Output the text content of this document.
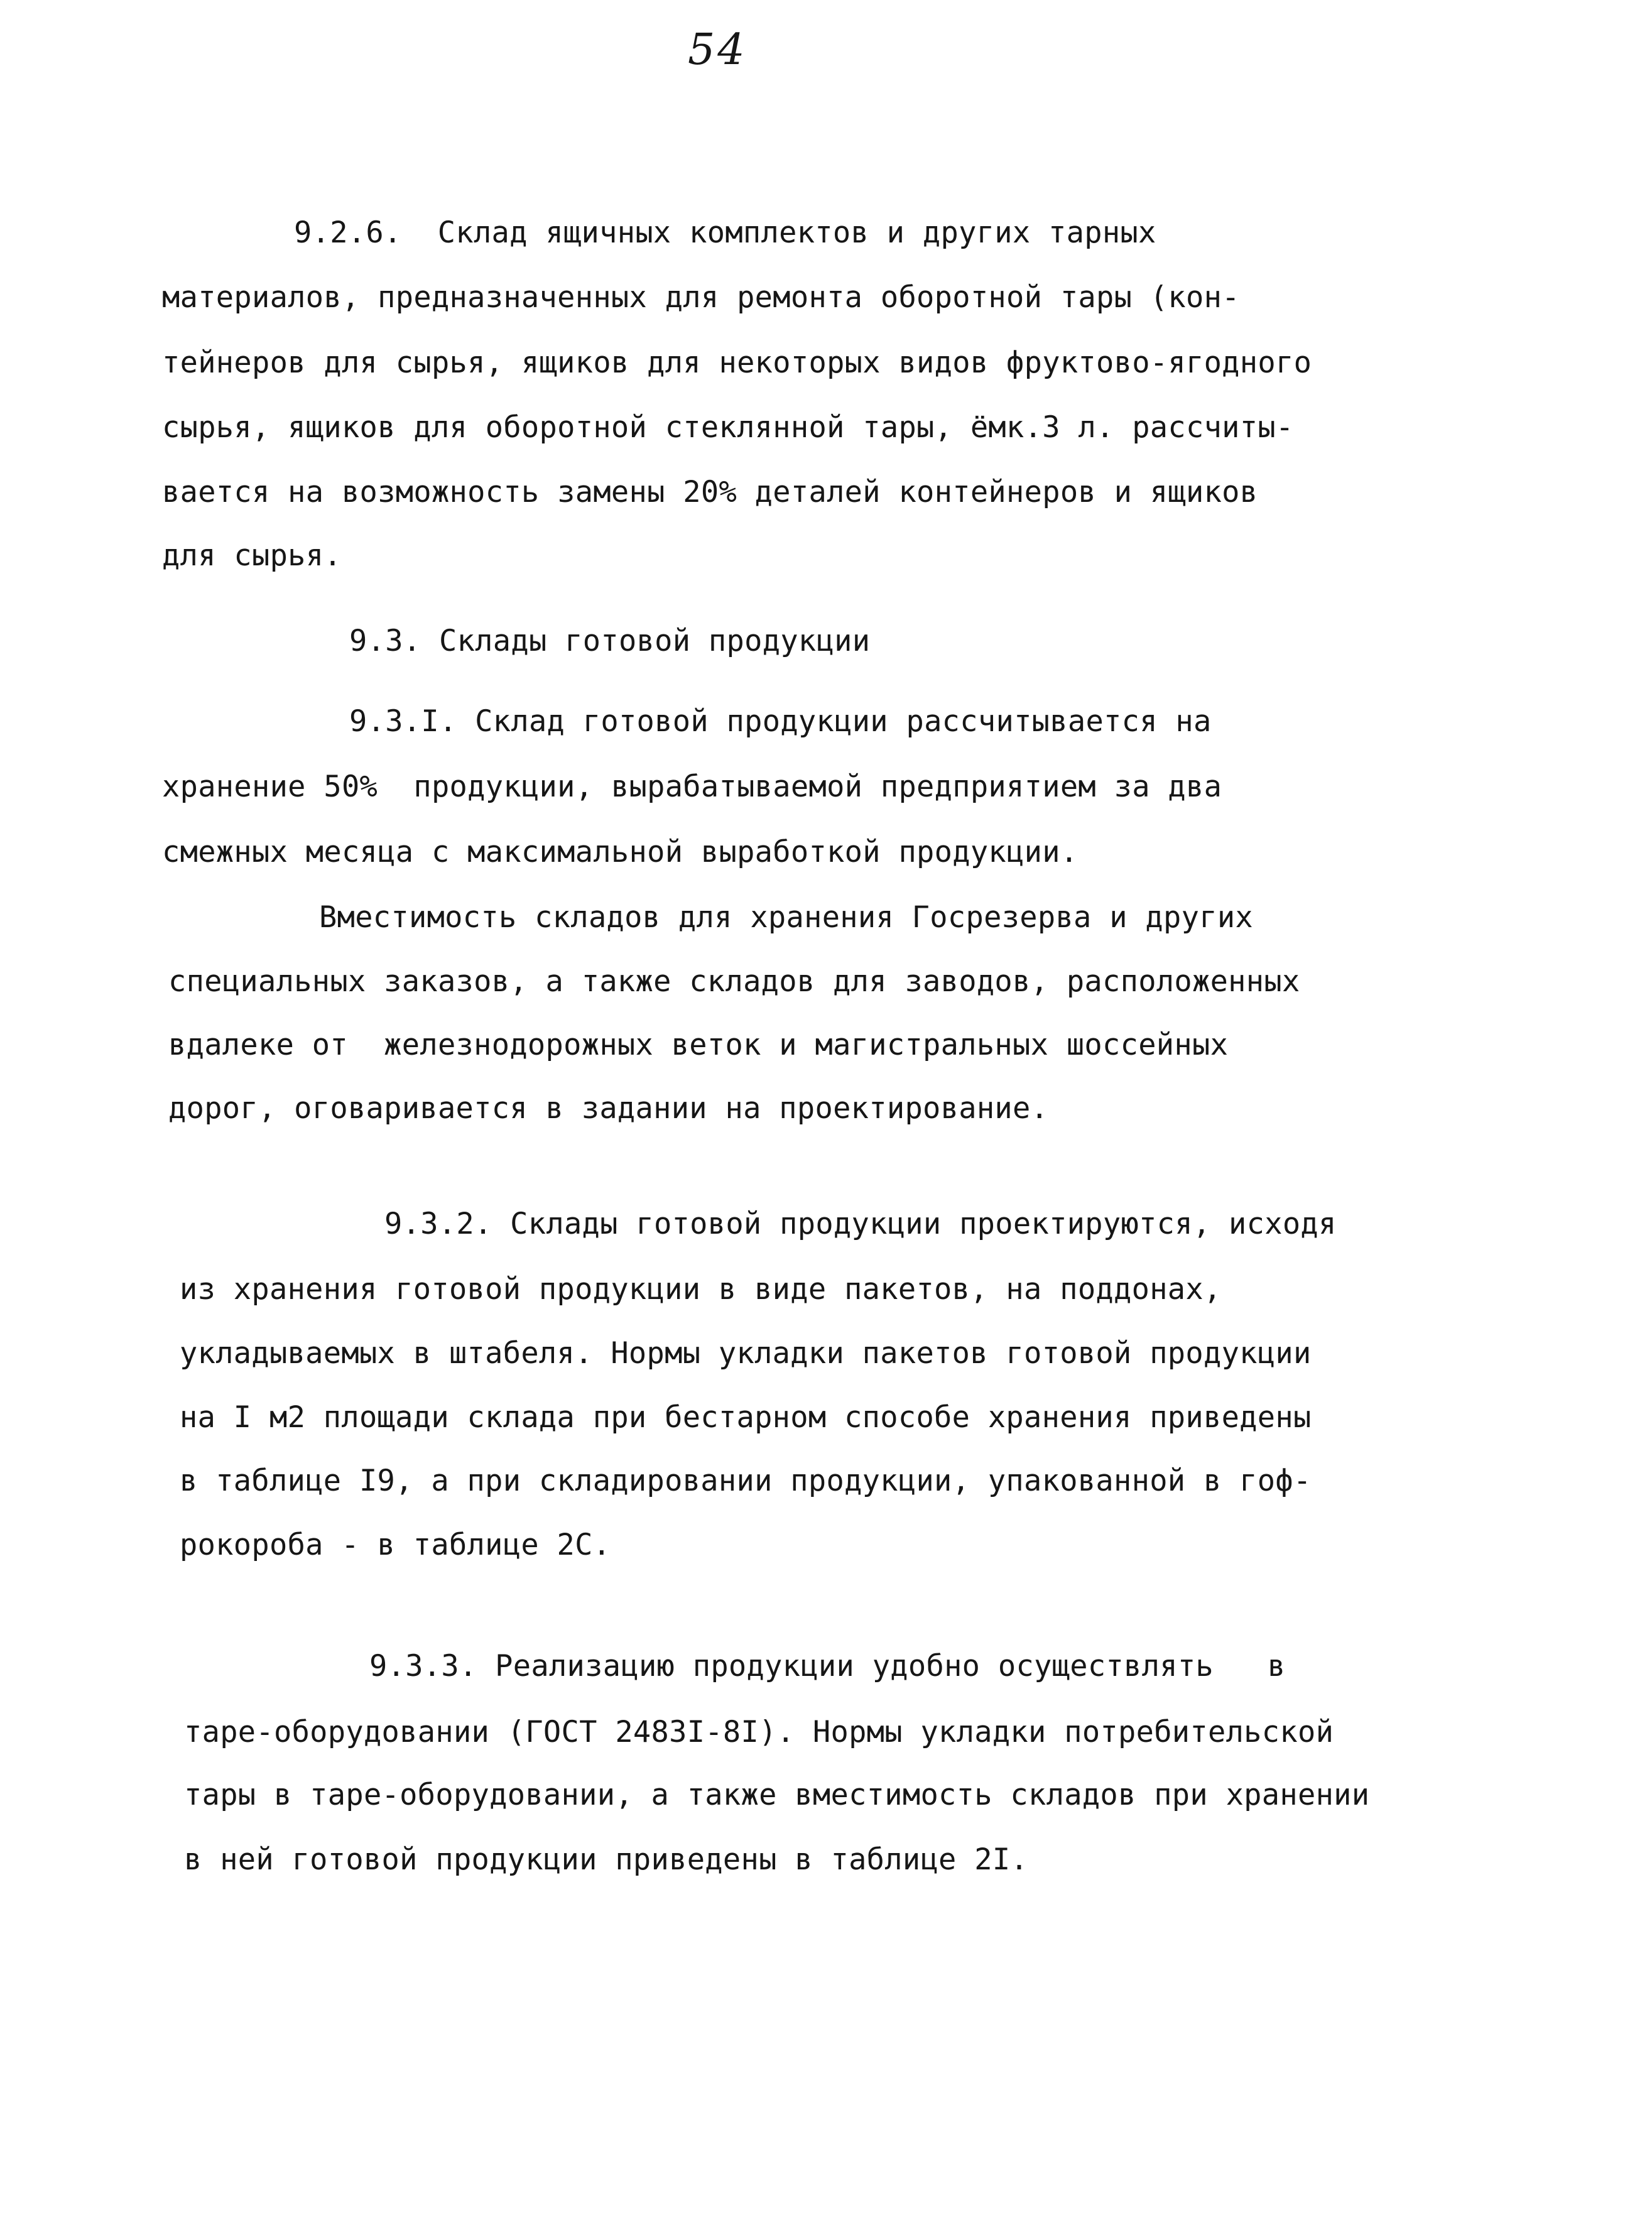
54

9.2.6.  Склад ящичных комплектов и других тарных

материалов, предназначенных для ремонта оборотной тары (кон-

тейнеров для сырья, ящиков для некоторых видов фруктово-ягодного

сырья, ящиков для оборотной стеклянной тары, ёмк.3 л. рассчиты-

вается на возможность замены 20% деталей контейнеров и ящиков

для сырья.

9.3. Склады готовой продукции

9.3.I. Склад готовой продукции рассчитывается на

хранение 50%  продукции, вырабатываемой предприятием за два

смежных месяца с максимальной выработкой продукции.

Вместимость складов для хранения Госрезерва и других

специальных заказов, а также складов для заводов, расположенных

вдалеке от  железнодорожных веток и магистральных шоссейных

дорог, оговаривается в задании на проектирование.

9.3.2. Склады готовой продукции проектируются, исходя

из хранения готовой продукции в виде пакетов, на поддонах,

укладываемых в штабеля. Нормы укладки пакетов готовой продукции

на I м2 площади склада при бестарном способе хранения приведены

в таблице I9, а при складировании продукции, упакованной в гоф-

рокороба - в таблице 2С.

9.3.3. Реализацию продукции удобно осуществлять   в

таре-оборудовании (ГОСТ 2483I-8I). Нормы укладки потребительской

тары в таре-оборудовании, а также вместимость складов при хранении

в ней готовой продукции приведены в таблице 2I.
